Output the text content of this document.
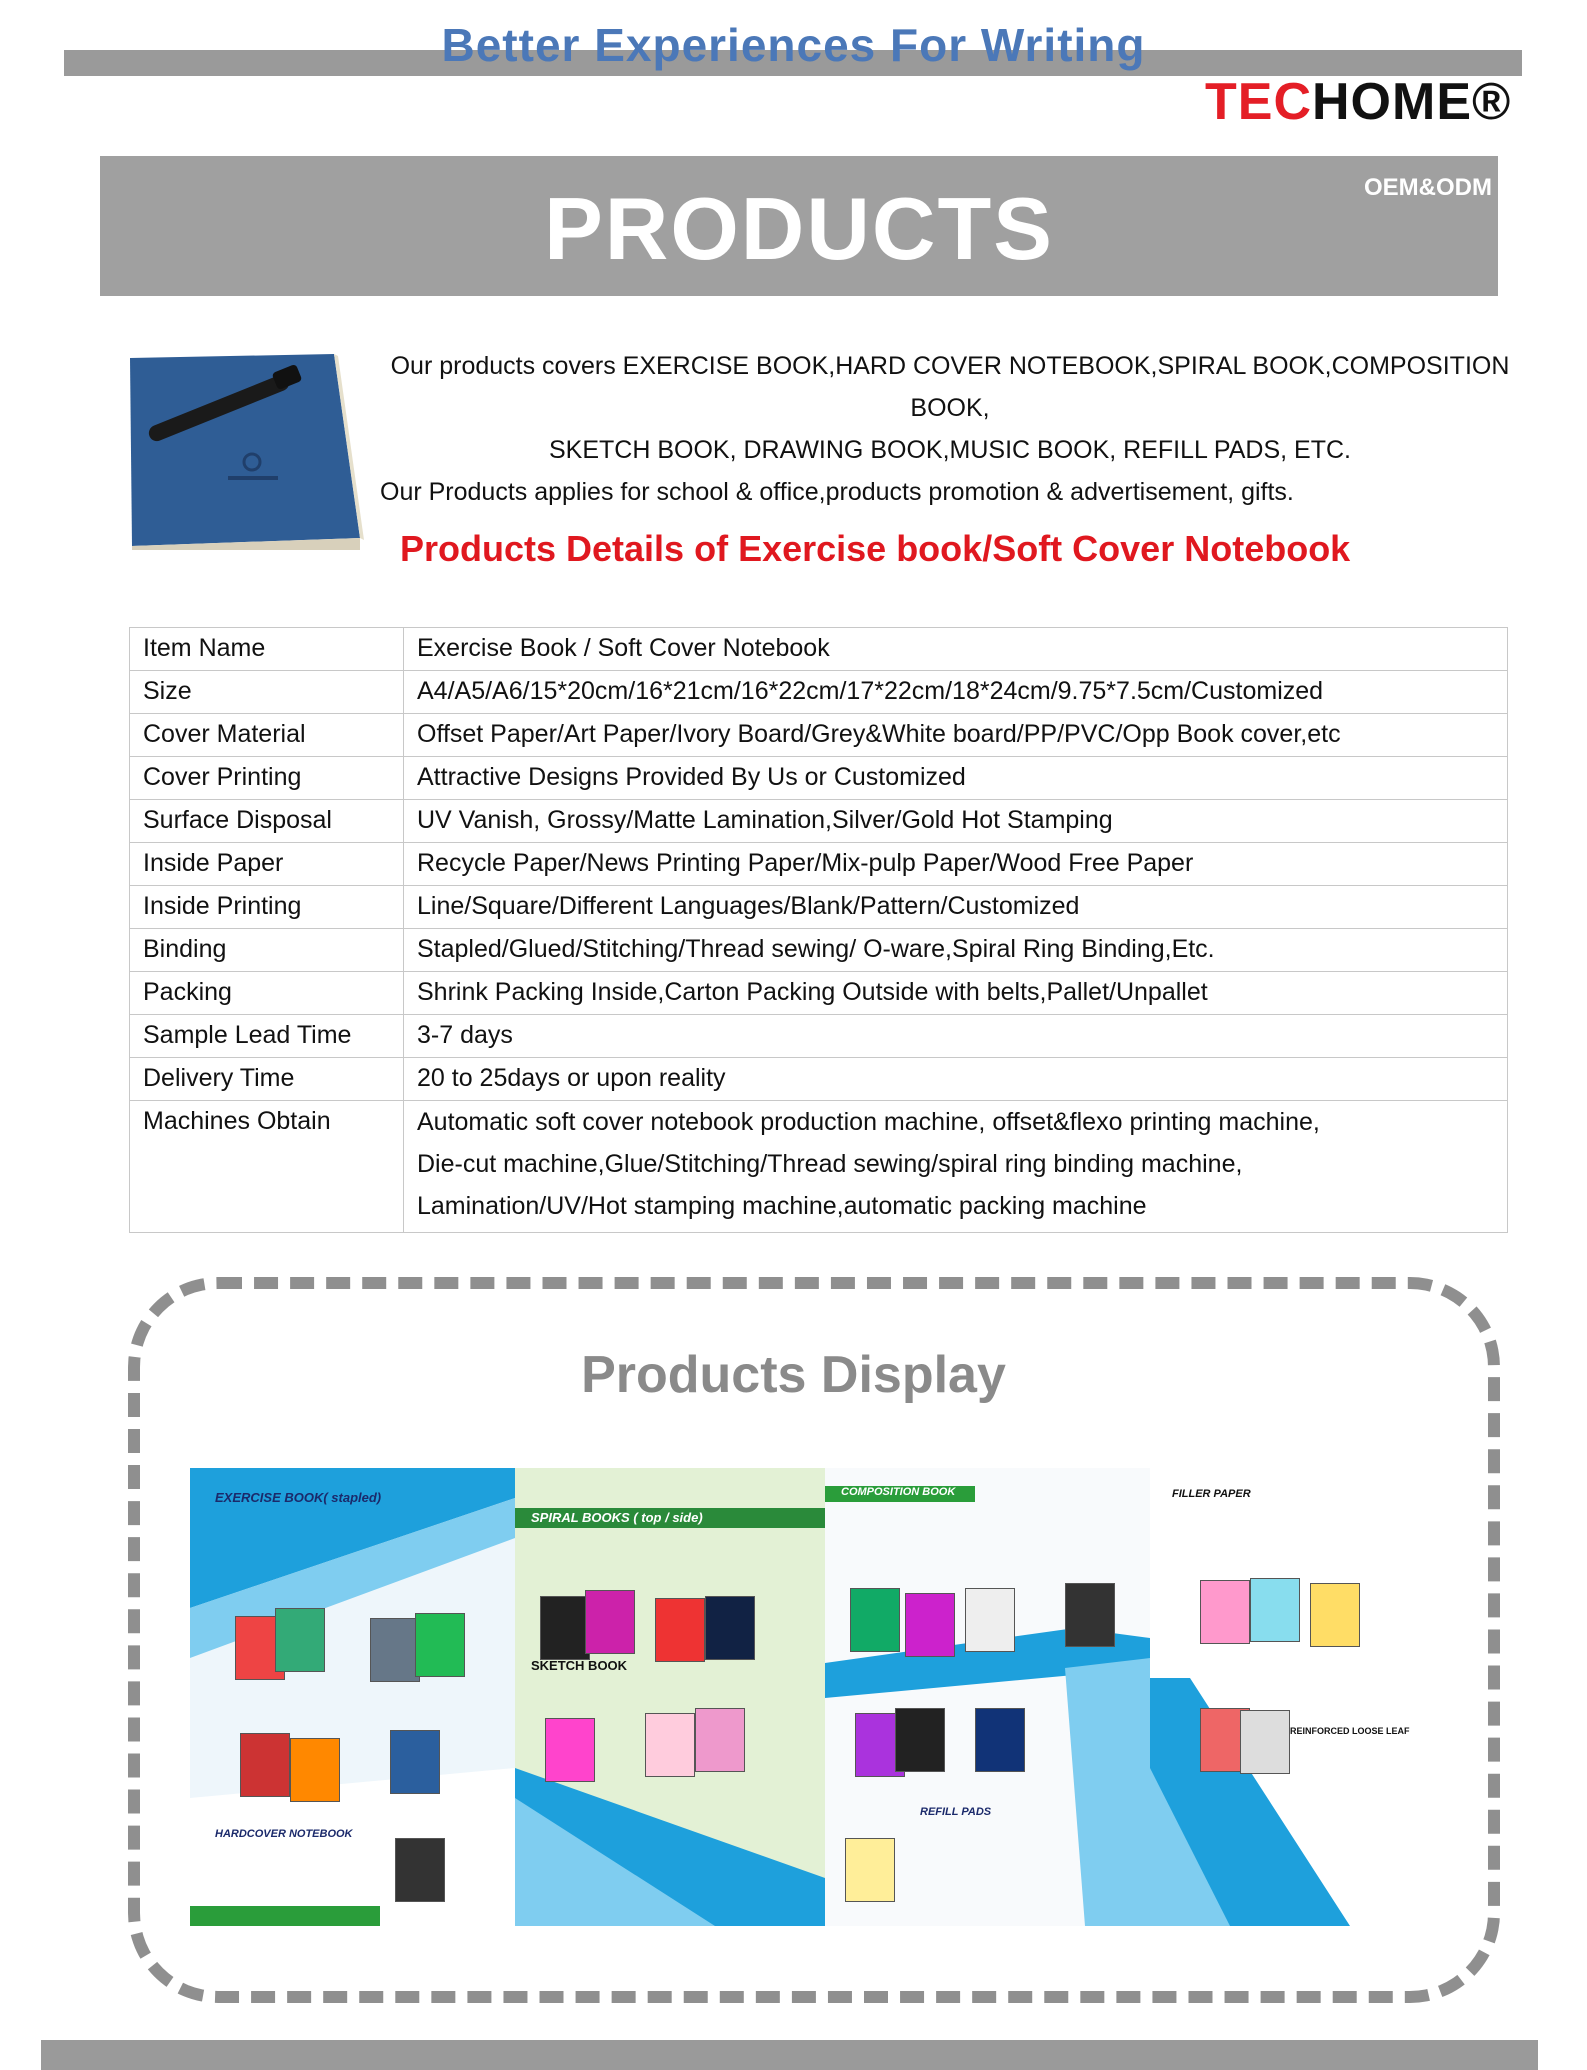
Better Experiences For Writing
TECHOME®
PRODUCTS	OEM&ODM
Our products covers EXERCISE BOOK,HARD COVER NOTEBOOK,SPIRAL BOOK,COMPOSITION BOOK,
SKETCH BOOK, DRAWING BOOK,MUSIC BOOK, REFILL PADS, ETC.
Our Products applies for school & office,products promotion & advertisement, gifts.
Products Details of Exercise book/Soft Cover Notebook
Item Name	Exercise Book / Soft Cover Notebook
Size	A4/A5/A6/15*20cm/16*21cm/16*22cm/17*22cm/18*24cm/9.75*7.5cm/Customized
Cover Material	Offset Paper/Art Paper/Ivory Board/Grey&White board/PP/PVC/Opp Book cover,etc
Cover Printing	Attractive Designs Provided By Us or Customized
Surface Disposal	UV Vanish, Grossy/Matte Lamination,Silver/Gold Hot Stamping
Inside Paper	Recycle Paper/News Printing Paper/Mix-pulp Paper/Wood Free Paper
Inside Printing	Line/Square/Different Languages/Blank/Pattern/Customized
Binding	Stapled/Glued/Stitching/Thread sewing/ O-ware,Spiral Ring Binding,Etc.
Packing	Shrink Packing Inside,Carton Packing Outside with belts,Pallet/Unpallet
Sample Lead Time	3-7 days
Delivery Time	20 to 25days or upon reality
Machines Obtain	Automatic soft cover notebook production machine, offset&flexo printing machine,
Die-cut machine,Glue/Stitching/Thread sewing/spiral ring binding machine,
Lamination/UV/Hot stamping machine,automatic packing machine
Products Display
EXERCISE BOOK( stapled)
HARDCOVER NOTEBOOK
SPIRAL BOOKS ( top / side)
SKETCH BOOK
COMPOSITION BOOK
REFILL PADS
FILLER PAPER
REINFORCED LOOSE LEAF
